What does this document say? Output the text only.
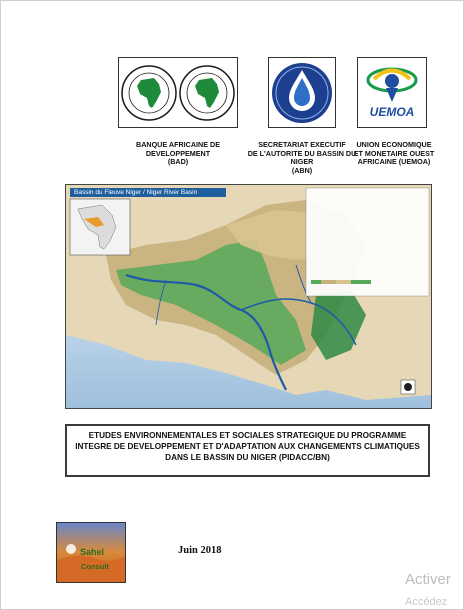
UEMOA
BANQUE AFRICAINE DE
DEVELOPPEMENT
(BAD)
SECRETARIAT EXECUTIF
DE L'AUTORITE DU BASSIN DU
NIGER
(ABN)
UNION ECONOMIQUE
ET MONETAIRE OUEST
AFRICAINE (UEMOA)
Bassin du Fleuve Niger / Niger River Basin
ETUDES ENVIRONNEMENTALES ET SOCIALES STRATEGIQUE DU PROGRAMME INTEGRE DE DEVELOPPEMENT ET D'ADAPTATION AUX CHANGEMENTS CLIMATIQUES DANS LE BASSIN DU NIGER (PIDACC/BN)
Sahel
Consult
Juin 2018
Activer
Accédez
